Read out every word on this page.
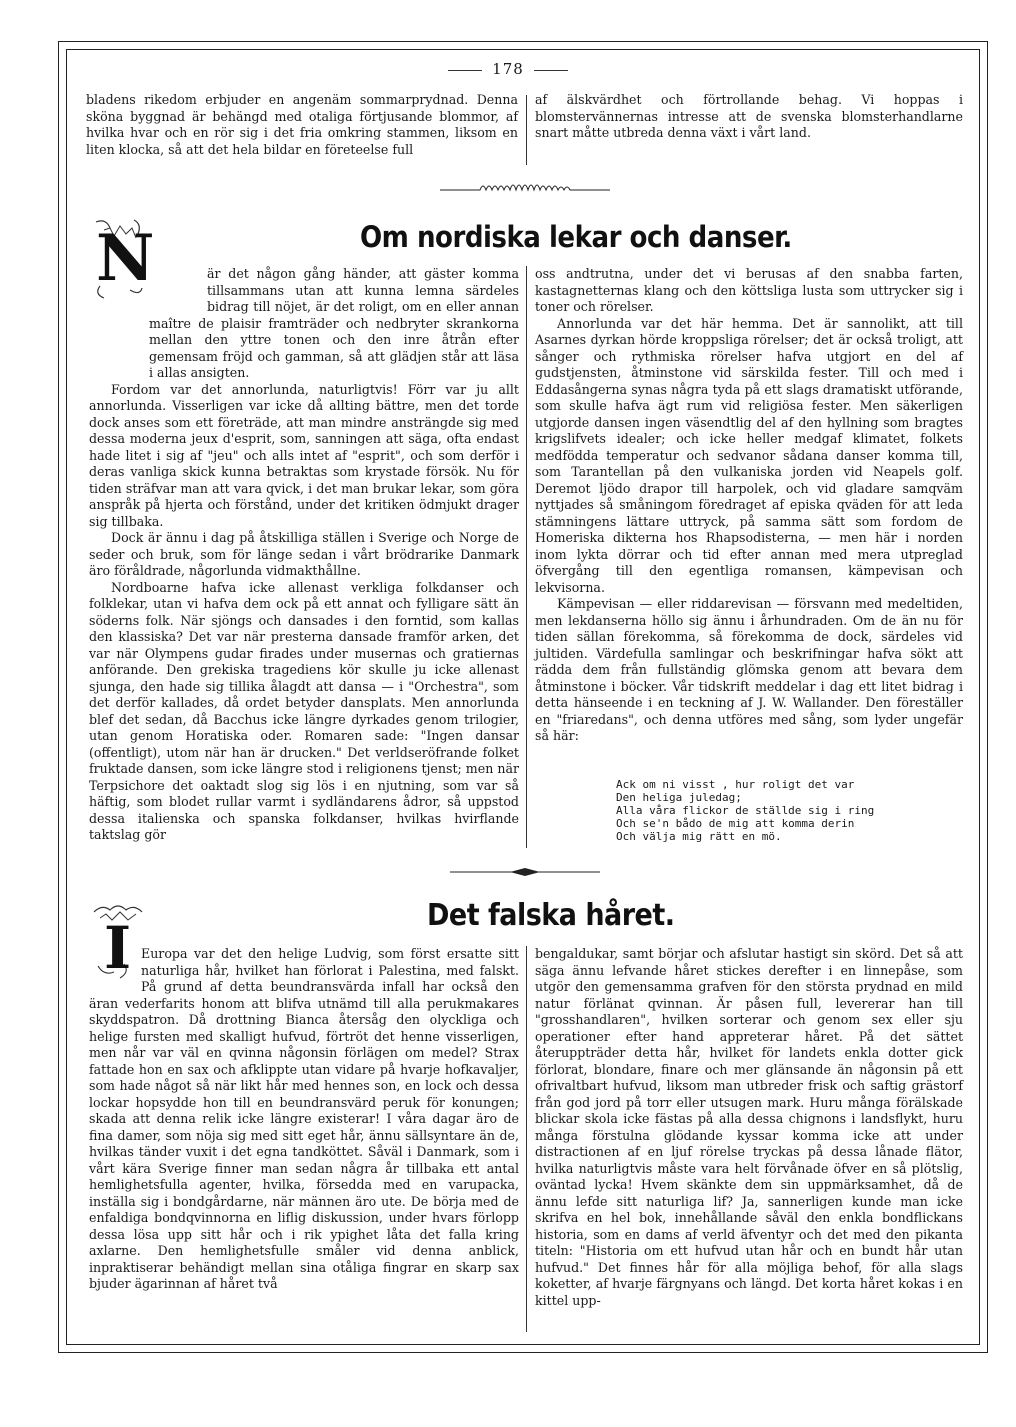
178

bladens rikedom erbjuder en angenäm sommarprydnad. Denna sköna byggnad är behängd med otaliga förtjusande blommor, af hvilka hvar och en rör sig i det fria omkring stammen, liksom en liten klocka, så att det hela bildar en företeelse full

af älskvärdhet och förtrollande behag. Vi hoppas i blomstervännernas intresse att de svenska blomsterhandlarne snart måtte utbreda denna växt i vårt land.

Om nordiska lekar och danser.
N	är det någon gång händer, att gäster komma tillsammans utan att kunna lemna särdeles bidrag till nöjet, är det roligt, om en eller annan maître de plaisir framträder och nedbryter skrankorna mellan den yttre tonen och den inre åtrån efter gemensam fröjd och gamman, så att glädjen står att läsa i allas ansigten.

Fordom var det annorlunda, naturligtvis! Förr var ju allt annorlunda. Visserligen var icke då allting bättre, men det torde dock anses som ett företräde, att man mindre ansträngde sig med dessa moderna jeux d'esprit, som, sanningen att säga, ofta endast hade litet i sig af "jeu" och alls intet af "esprit", och som derför i deras vanliga skick kunna betraktas som krystade försök. Nu för tiden sträfvar man att vara qvick, i det man brukar lekar, som göra anspråk på hjerta och förstånd, under det kritiken ödmjukt drager sig tillbaka.

Dock är ännu i dag på åtskilliga ställen i Sverige och Norge de seder och bruk, som för länge sedan i vårt brödrarike Danmark äro föråldrade, någorlunda vidmakthållne.

Nordboarne hafva icke allenast verkliga folkdanser och folklekar, utan vi hafva dem ock på ett annat och fylligare sätt än söderns folk. När sjöngs och dansades i den forntid, som kallas den klassiska? Det var när presterna dansade framför arken, det var när Olympens gudar firades under musernas och gratiernas anförande. Den grekiska tragediens kör skulle ju icke allenast sjunga, den hade sig tillika ålagdt att dansa — i "Orchestra", som det derför kallades, då ordet betyder dansplats. Men annorlunda blef det sedan, då Bacchus icke längre dyrkades genom trilogier, utan genom Horatiska oder. Romaren sade: "Ingen dansar (offentligt), utom när han är drucken." Det verldseröfrande folket fruktade dansen, som icke längre stod i religionens tjenst; men när Terpsichore det oaktadt slog sig lös i en njutning, som var så häftig, som blodet rullar varmt i sydländarens ådror, så uppstod dessa italienska och spanska folkdanser, hvilkas hvirflande taktslag gör

oss andtrutna, under det vi berusas af den snabba farten, kastagnetternas klang och den köttsliga lusta som uttrycker sig i toner och rörelser.

Annorlunda var det här hemma. Det är sannolikt, att till Asarnes dyrkan hörde kroppsliga rörelser; det är också troligt, att sånger och rythmiska rörelser hafva utgjort en del af gudstjensten, åtminstone vid särskilda fester. Till och med i Eddasångerna synas några tyda på ett slags dramatiskt utförande, som skulle hafva ägt rum vid religiösa fester. Men säkerligen utgjorde dansen ingen väsendtlig del af den hyllning som bragtes krigslifvets idealer; och icke heller medgaf klimatet, folkets medfödda temperatur och sedvanor sådana danser komma till, som Tarantellan på den vulkaniska jorden vid Neapels golf. Deremot ljödo drapor till harpolek, och vid gladare samqväm nyttjades så småningom föredraget af episka qväden för att leda stämningens lättare uttryck, på samma sätt som fordom de Homeriska dikterna hos Rhapsodisterna, — men här i norden inom lykta dörrar och tid efter annan med mera utpreglad öfvergång till den egentliga romansen, kämpevisan och lekvisorna.

Kämpevisan — eller riddarevisan — försvann med medeltiden, men lekdanserna höllo sig ännu i århundraden. Om de än nu för tiden sällan förekomma, så förekomma de dock, särdeles vid jultiden. Värdefulla samlingar och beskrifningar hafva sökt att rädda dem från fullständig glömska genom att bevara dem åtminstone i böcker. Vår tidskrift meddelar i dag ett litet bidrag i detta hänseende i en teckning af J. W. Wallander. Den föreställer en "friaredans", och denna utföres med sång, som lyder ungefär så här:

Ack om ni visst , hur roligt det var
Den heliga juledag;
Alla våra flickor de ställde sig i ring
Och se'n bådo de mig att komma derin
Och välja mig rätt en mö.
Det falska håret.
I Europa var det den helige Ludvig, som först ersatte sitt naturliga hår, hvilket han förlorat i Palestina, med falskt. På grund af detta beundransvärda infall har också den äran vederfarits honom att blifva utnämd till alla perukmakares skyddspatron. Då drottning Bianca återsåg den olyckliga och helige fursten med skalligt hufvud, förtröt det henne visserligen, men når var väl en qvinna någonsin förlägen om medel? Strax fattade hon en sax och afklippte utan vidare på hvarje hofkavaljer, som hade något så när likt hår med hennes son, en lock och dessa lockar hopsydde hon till en beundransvärd peruk för konungen; skada att denna relik icke längre existerar! I våra dagar äro de fina damer, som nöja sig med sitt eget hår, ännu sällsyntare än de, hvilkas tänder vuxit i det egna tandköttet. Såväl i Danmark, som i vårt kära Sverige finner man sedan några år tillbaka ett antal hemlighetsfulla agenter, hvilka, försedda med en varupacka, inställa sig i bondgårdarne, när männen äro ute. De börja med de enfaldiga bondqvinnorna en liflig diskussion, under hvars förlopp dessa lösa upp sitt hår och i rik ypighet låta det falla kring axlarne. Den hemlighetsfulle småler vid denna anblick, inpraktiserar behändigt mellan sina otåliga fingrar en skarp sax bjuder ägarinnan af håret två

bengaldukar, samt börjar och afslutar hastigt sin skörd. Det så att säga ännu lefvande håret stickes derefter i en linnepåse, som utgör den gemensamma grafven för den största prydnad en mild natur förlänat qvinnan. Är påsen full, levererar han till "grosshandlaren", hvilken sorterar och genom sex eller sju operationer efter hand appreterar håret. På det sättet återuppträder detta hår, hvilket för landets enkla dotter gick förlorat, blondare, finare och mer glänsande än någonsin på ett ofrivaltbart hufvud, liksom man utbreder frisk och saftig grästorf från god jord på torr eller utsugen mark. Huru många förälskade blickar skola icke fästas på alla dessa chignons i landsflykt, huru många förstulna glödande kyssar komma icke att under distractionen af en ljuf rörelse tryckas på dessa lånade flätor, hvilka naturligtvis måste vara helt förvånade öfver en så plötslig, oväntad lycka! Hvem skänkte dem sin uppmärksamhet, då de ännu lefde sitt naturliga lif? Ja, sannerligen kunde man icke skrifva en hel bok, innehållande såväl den enkla bondflickans historia, som en dams af verld äfventyr och det med den pikanta titeln: "Historia om ett hufvud utan hår och en bundt hår utan hufvud." Det finnes hår för alla möjliga behof, för alla slags koketter, af hvarje färgnyans och längd. Det korta håret kokas i en kittel upp-
